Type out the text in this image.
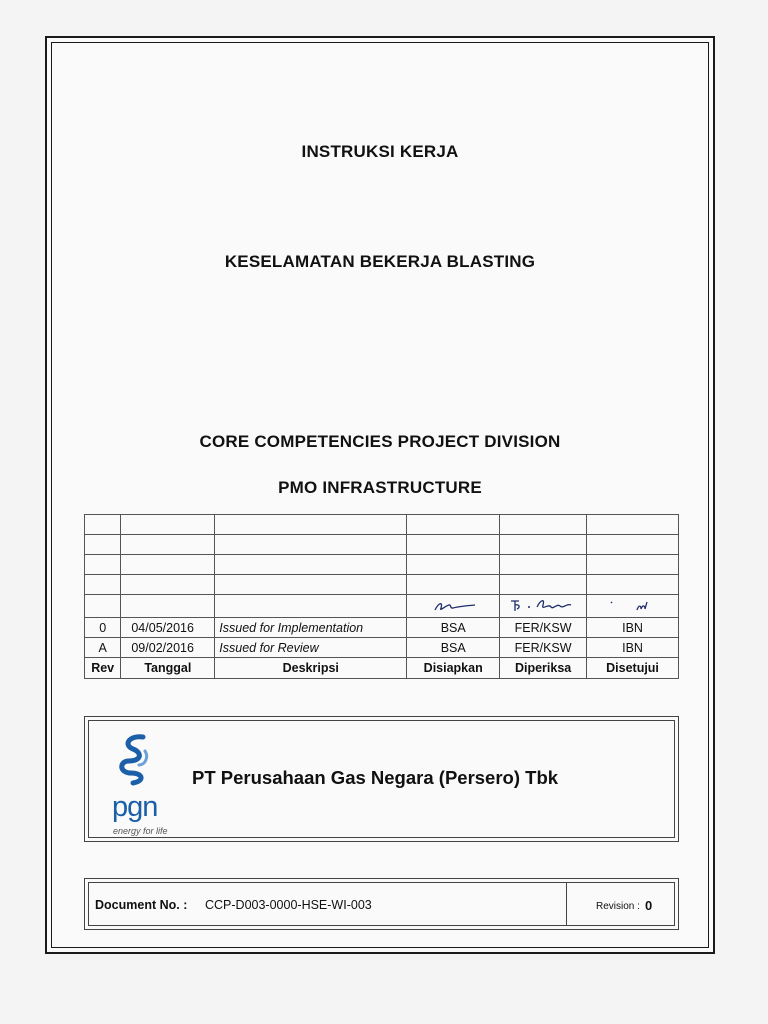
INSTRUKSI KERJA
KESELAMATAN BEKERJA BLASTING
CORE COMPETENCIES PROJECT DIVISION
PMO INFRASTRUCTURE

0	04/05/2016	Issued for Implementation	BSA	FER/KSW	IBN
A	09/02/2016	Issued for Review	BSA	FER/KSW	IBN
Rev	Tanggal	Deskripsi	Disiapkan	Diperiksa	Disetujui
pgn
energy for life
PT Perusahaan Gas Negara (Persero) Tbk
Document No. : CCP-D003-0000-HSE-WI-003	Revision : 0
